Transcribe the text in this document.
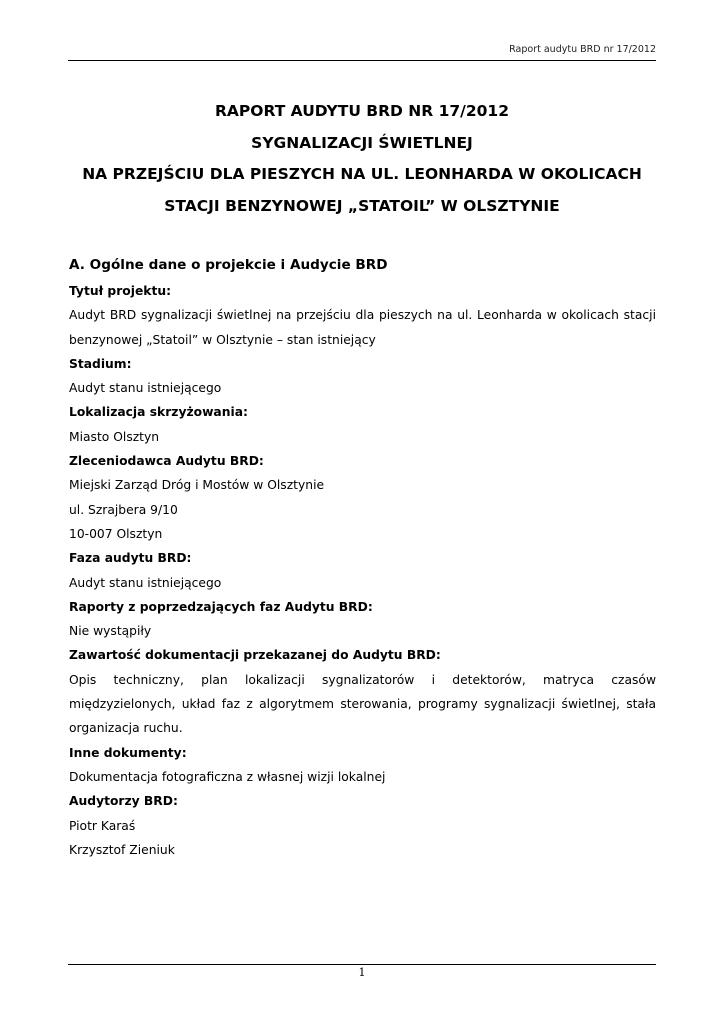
Raport audytu BRD nr 17/2012
RAPORT AUDYTU BRD NR 17/2012
SYGNALIZACJI ŚWIETLNEJ
NA PRZEJŚCIU DLA PIESZYCH NA UL. LEONHARDA W OKOLICACH
STACJI BENZYNOWEJ „STATOIL” W OLSZTYNIE
A. Ogólne dane o projekcie i Audycie BRD
Tytuł projektu:
Audyt BRD sygnalizacji świetlnej na przejściu dla pieszych na ul. Leonharda w okolicach stacji benzynowej „Statoil” w Olsztynie – stan istniejący
Stadium:
Audyt stanu istniejącego
Lokalizacja skrzyżowania:
Miasto Olsztyn
Zleceniodawca Audytu BRD:
Miejski Zarząd Dróg i Mostów w Olsztynie
ul. Szrajbera 9/10
10-007 Olsztyn
Faza audytu BRD:
Audyt stanu istniejącego
Raporty z poprzedzających faz Audytu BRD:
Nie wystąpiły
Zawartość dokumentacji przekazanej do Audytu BRD:
Opis techniczny, plan lokalizacji sygnalizatorów i detektorów, matryca czasów międzyzielonych, układ faz z algorytmem sterowania, programy sygnalizacji świetlnej, stała organizacja ruchu.
Inne dokumenty:
Dokumentacja fotograficzna z własnej wizji lokalnej
Audytorzy BRD:
Piotr Karaś
Krzysztof Zieniuk
1
